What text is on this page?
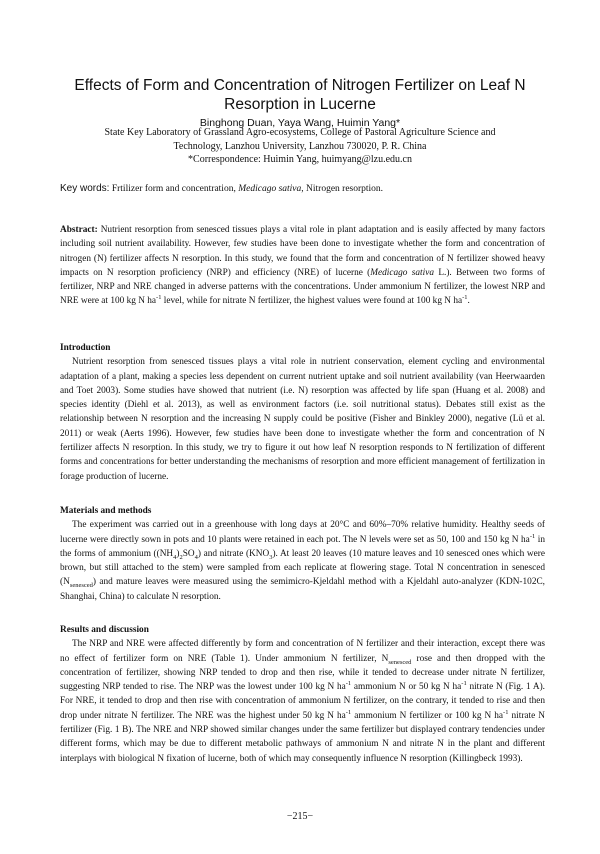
Effects of Form and Concentration of Nitrogen Fertilizer on Leaf N
Resorption in Lucerne
Binghong Duan, Yaya Wang, Huimin Yang*
State Key Laboratory of Grassland Agro-ecosystems, College of Pastoral Agriculture Science and
Technology, Lanzhou University, Lanzhou 730020, P. R. China
*Correspondence: Huimin Yang, huimyang@lzu.edu.cn
Key words: Frtilizer form and concentration, Medicago sativa, Nitrogen resorption.

Abstract: Nutrient resorption from senesced tissues plays a vital role in plant adaptation and is easily affected by many factors including soil nutrient availability. However, few studies have been done to investigate whether the form and concentration of nitrogen (N) fertilizer affects N resorption. In this study, we found that the form and concentration of N fertilizer showed heavy impacts on N resorption proficiency (NRP) and efficiency (NRE) of lucerne (Medicago sativa L.). Between two forms of fertilizer, NRP and NRE changed in adverse patterns with the concentrations. Under ammonium N fertilizer, the lowest NRP and NRE were at 100 kg N $ha^{-1}$ level, while for nitrate N fertilizer, the highest values were found at 100 kg N $ha^{-1}$.

Introduction

Nutrient resorption from senesced tissues plays a vital role in nutrient conservation, element cycling and environmental adaptation of a plant, making a species less dependent on current nutrient uptake and soil nutrient availability (van Heerwaarden and Toet 2003). Some studies have showed that nutrient (i.e. N) resorption was affected by life span (Huang et al. 2008) and species identity (Diehl et al. 2013), as well as environment factors (i.e. soil nutritional status). Debates still exist as the relationship between N resorption and the increasing N supply could be positive (Fisher and Binkley 2000), negative (Lü et al. 2011) or weak (Aerts 1996). However, few studies have been done to investigate whether the form and concentration of N fertilizer affects N resorption. In this study, we try to figure it out how leaf N resorption responds to N fertilization of different forms and concentrations for better understanding the mechanisms of resorption and more efficient management of fertilization in forage production of lucerne.

Materials and methods

The experiment was carried out in a greenhouse with long days at 20°C and 60%–70% relative humidity. Healthy seeds of lucerne were directly sown in pots and 10 plants were retained in each pot. The N levels were set as 50, 100 and 150 kg N $ha^{-1}$ in the forms of ammonium $((NH_4)_2SO_4)$ and nitrate $(KNO_3)$. At least 20 leaves (10 mature leaves and 10 senesced ones which were brown, but still attached to the stem) were sampled from each replicate at flowering stage. Total N concentration in senesced $(N_{senesced})$ and mature leaves were measured using the semimicro-Kjeldahl method with a Kjeldahl auto-analyzer (KDN-102C, Shanghai, China) to calculate N resorption.

Results and discussion

The NRP and NRE were affected differently by form and concentration of N fertilizer and their interaction, except there was no effect of fertilizer form on NRE (Table 1). Under ammonium N fertilizer, $N_{senesced}$ rose and then dropped with the concentration of fertilizer, showing NRP tended to drop and then rise, while it tended to decrease under nitrate N fertilizer, suggesting NRP tended to rise. The NRP was the lowest under 100 kg N $ha^{-1}$ ammonium N or 50 kg N $ha^{-1}$ nitrate N (Fig. 1 A). For NRE, it tended to drop and then rise with concentration of ammonium N fertilizer, on the contrary, it tended to rise and then drop under nitrate N fertilizer. The NRE was the highest under 50 kg N $ha^{-1}$ ammonium N fertilizer or 100 kg N $ha^{-1}$ nitrate N fertilizer (Fig. 1 B). The NRE and NRP showed similar changes under the same fertilizer but displayed contrary tendencies under different forms, which may be due to different metabolic pathways of ammonium N and nitrate N in the plant and different interplays with biological N fixation of lucerne, both of which may consequently influence N resorption (Killingbeck 1993).

−215−
